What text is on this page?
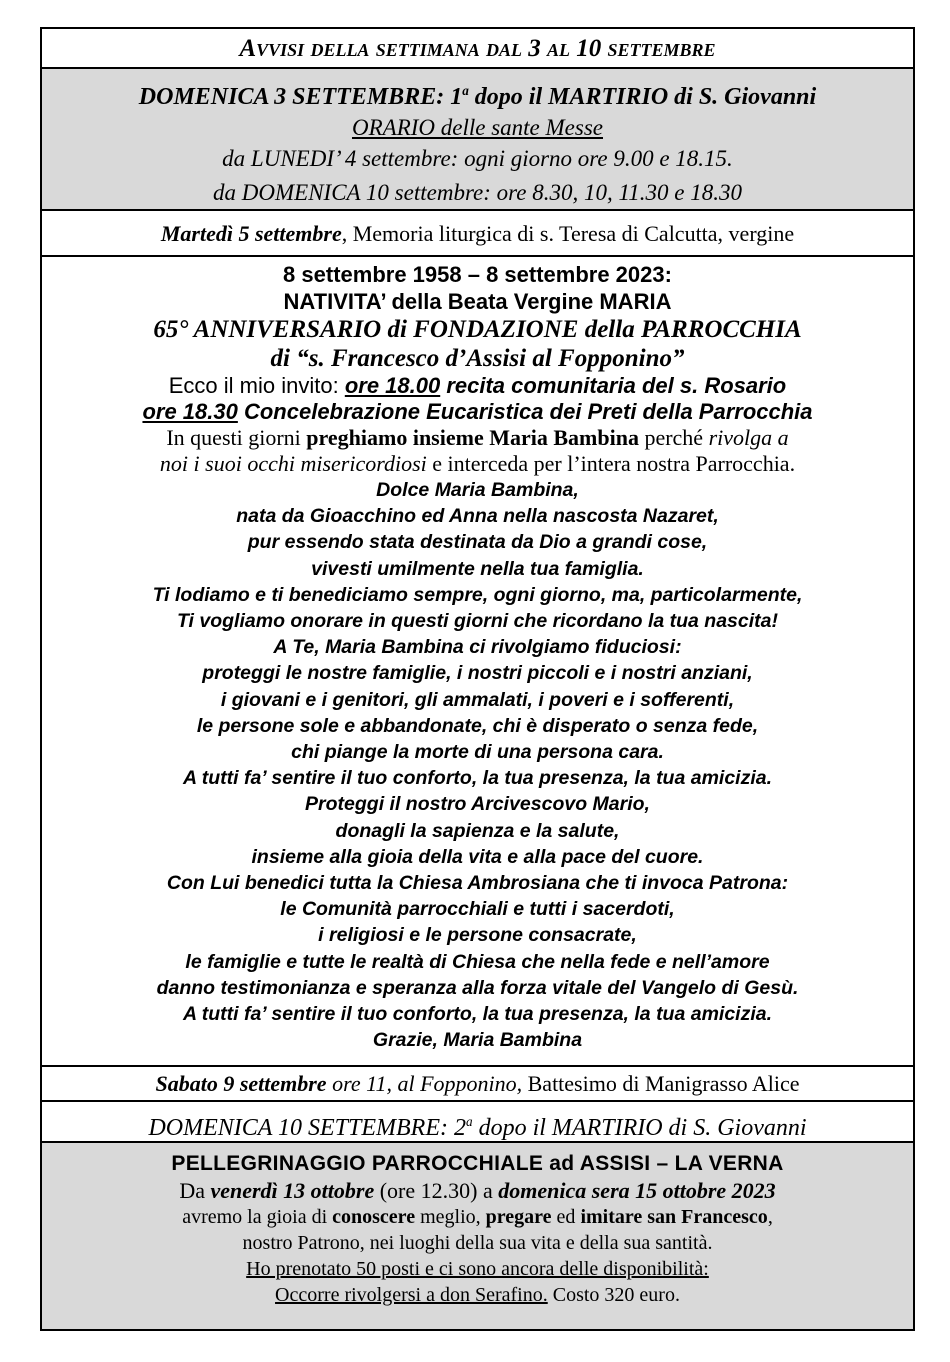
Avvisi della settimana dal 3 al 10 settembre
DOMENICA 3 SETTEMBRE: 1$^a$ dopo il MARTIRIO di S. Giovanni
ORARIO delle sante Messe
da LUNEDI’ 4 settembre: ogni giorno ore 9.00 e 18.15.
da DOMENICA 10 settembre: ore 8.30, 10, 11.30 e 18.30
Martedì 5 settembre, Memoria liturgica di s. Teresa di Calcutta, vergine
8 settembre 1958 – 8 settembre 2023:
NATIVITA’ della Beata Vergine MARIA
65° ANNIVERSARIO di FONDAZIONE della PARROCCHIA
di “s. Francesco d’Assisi al Fopponino”
Ecco il mio invito: ore 18.00 recita comunitaria del s. Rosario
ore 18.30 Concelebrazione Eucaristica dei Preti della Parrocchia
In questi giorni preghiamo insieme Maria Bambina perché rivolga a
noi i suoi occhi misericordiosi e interceda per l’intera nostra Parrocchia.
Dolce Maria Bambina,
nata da Gioacchino ed Anna nella nascosta Nazaret,
pur essendo stata destinata da Dio a grandi cose,
vivesti umilmente nella tua famiglia.
Ti lodiamo e ti benediciamo sempre, ogni giorno, ma, particolarmente,
Ti vogliamo onorare in questi giorni che ricordano la tua nascita!
A Te, Maria Bambina ci rivolgiamo fiduciosi:
proteggi le nostre famiglie, i nostri piccoli e i nostri anziani,
i giovani e i genitori, gli ammalati, i poveri e i sofferenti,
le persone sole e abbandonate, chi è disperato o senza fede,
chi piange la morte di una persona cara.
A tutti fa’ sentire il tuo conforto, la tua presenza, la tua amicizia.
Proteggi il nostro Arcivescovo Mario,
donagli la sapienza e la salute,
insieme alla gioia della vita e alla pace del cuore.
Con Lui benedici tutta la Chiesa Ambrosiana che ti invoca Patrona:
le Comunità parrocchiali e tutti i sacerdoti,
i religiosi e le persone consacrate,
le famiglie e tutte le realtà di Chiesa che nella fede e nell’amore
danno testimonianza e speranza alla forza vitale del Vangelo di Gesù.
A tutti fa’ sentire il tuo conforto, la tua presenza, la tua amicizia.
Grazie, Maria Bambina
Sabato 9 settembre ore 11, al Fopponino, Battesimo di Manigrasso Alice
DOMENICA 10 SETTEMBRE: 2$^a$ dopo il MARTIRIO di S. Giovanni
PELLEGRINAGGIO PARROCCHIALE ad ASSISI – LA VERNA
Da venerdì 13 ottobre (ore 12.30) a domenica sera 15 ottobre 2023
avremo la gioia di conoscere meglio, pregare ed imitare san Francesco,
nostro Patrono, nei luoghi della sua vita e della sua santità.
Ho prenotato 50 posti e ci sono ancora delle disponibilità:
Occorre rivolgersi a don Serafino. Costo 320 euro.
